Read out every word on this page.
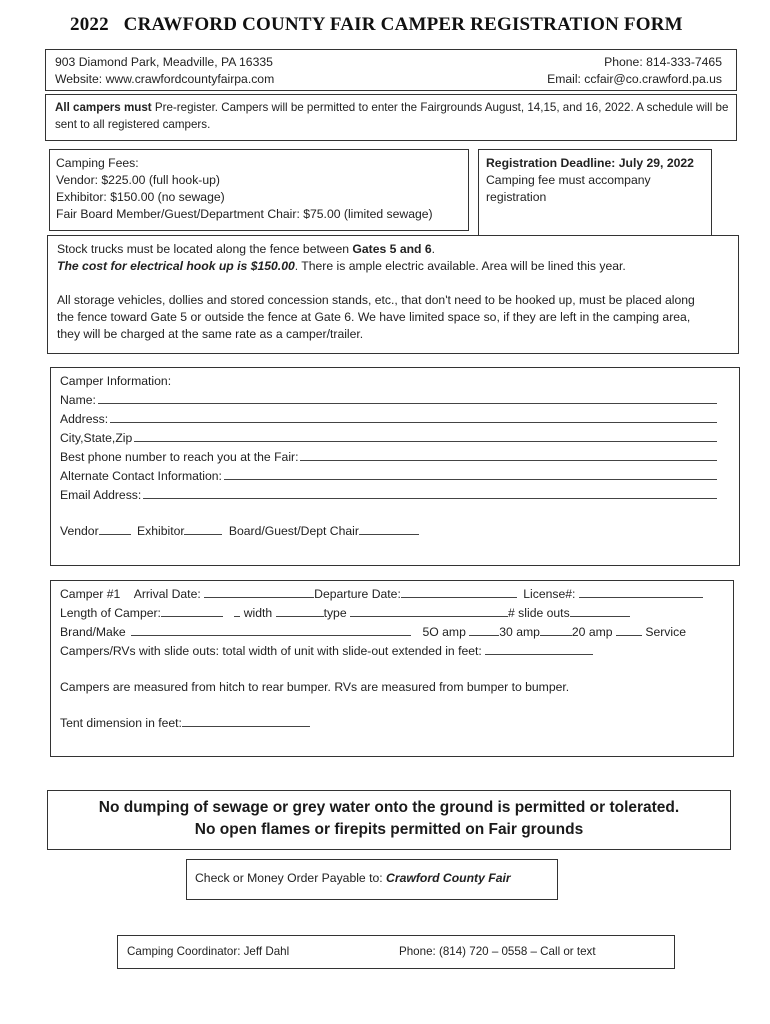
2022   CRAWFORD COUNTY FAIR CAMPER REGISTRATION FORM
903 Diamond Park, Meadville, PA 16335	Phone: 814-333-7465
Website: www.crawfordcountyfairpa.com	Email: ccfair@co.crawford.pa.us
All campers must Pre-register. Campers will be permitted to enter the Fairgrounds August, 14,15, and 16, 2022. A schedule will be
sent to all registered campers.
Camping Fees:
Vendor: $225.00 (full hook-up)
Exhibitor: $150.00 (no sewage)
Fair Board Member/Guest/Department Chair: $75.00 (limited sewage)
Registration Deadline: July 29, 2022
Camping fee must accompany
registration
Stock trucks must be located along the fence between Gates 5 and 6.
The cost for electrical hook up is $150.00. There is ample electric available. Area will be lined this year.
All storage vehicles, dollies and stored concession stands, etc., that don't need to be hooked up, must be placed along
the fence toward Gate 5 or outside the fence at Gate 6. We have limited space so, if they are left in the camping area,
they will be charged at the same rate as a camper/trailer.
Camper Information:
Name:
Address:
City,State,Zip
Best phone number to reach you at the Fair:
Alternate Contact Information:
Email Address:
Vendor	Exhibitor	Board/Guest/Dept Chair
Camper #1 Arrival Date:	Departure Date:	License#:
Length of Camper:	width	type	# slide outs
Brand/Make	5O amp	30 amp	20 amp	Service
Campers/RVs with slide outs: total width of unit with slide-out extended in feet:
Campers are measured from hitch to rear bumper. RVs are measured from bumper to bumper.
Tent dimension in feet:
No dumping of sewage or grey water onto the ground is permitted or tolerated.
No open flames or firepits permitted on Fair grounds
Check or Money Order Payable to: Crawford County Fair
Camping Coordinator: Jeff Dahl	Phone: (814) 720 – 0558 – Call or text
